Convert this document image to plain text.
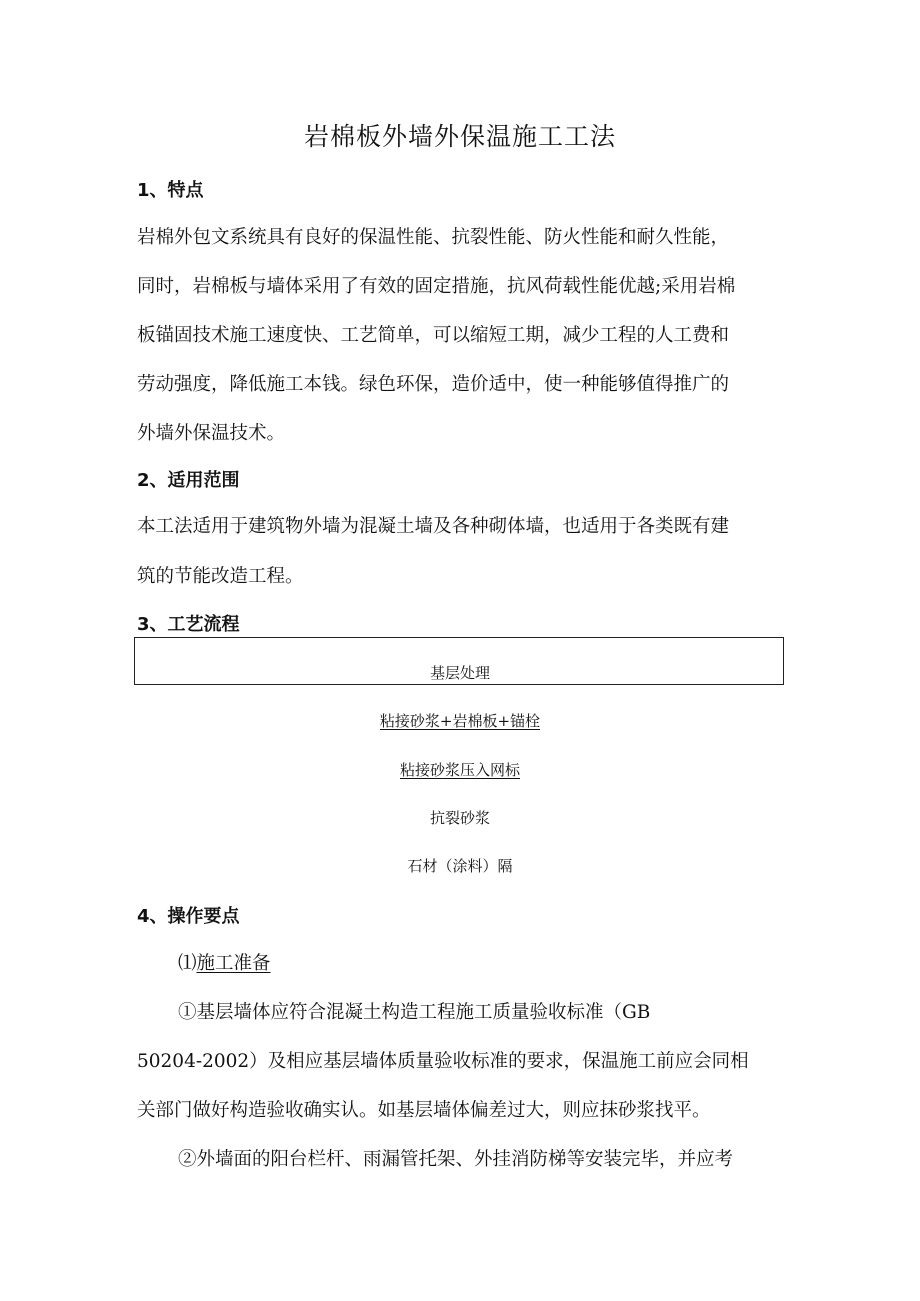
岩棉板外墙外保温施工工法
1、特点
岩棉外包文系统具有良好的保温性能、抗裂性能、防火性能和耐久性能，
同时，岩棉板与墙体采用了有效的固定措施，抗风荷载性能优越;采用岩棉
板锚固技术施工速度快、工艺简单，可以缩短工期，减少工程的人工费和
劳动强度，降低施工本钱。绿色环保，造价适中，使一种能够值得推广的
外墙外保温技术。
2、适用范围
本工法适用于建筑物外墙为混凝土墙及各种砌体墙，也适用于各类既有建
筑的节能改造工程。
3、工艺流程
基层处理
粘接砂浆+岩棉板+锚栓
粘接砂浆压入网标
抗裂砂浆
石材（涂料）隔
4、操作要点
⑴施工准备
①基层墙体应符合混凝土构造工程施工质量验收标准（GB
50204-2002）及相应基层墙体质量验收标准的要求，保温施工前应会同相
关部门做好构造验收确实认。如基层墙体偏差过大，则应抹砂浆找平。
②外墙面的阳台栏杆、雨漏管托架、外挂消防梯等安装完毕，并应考
